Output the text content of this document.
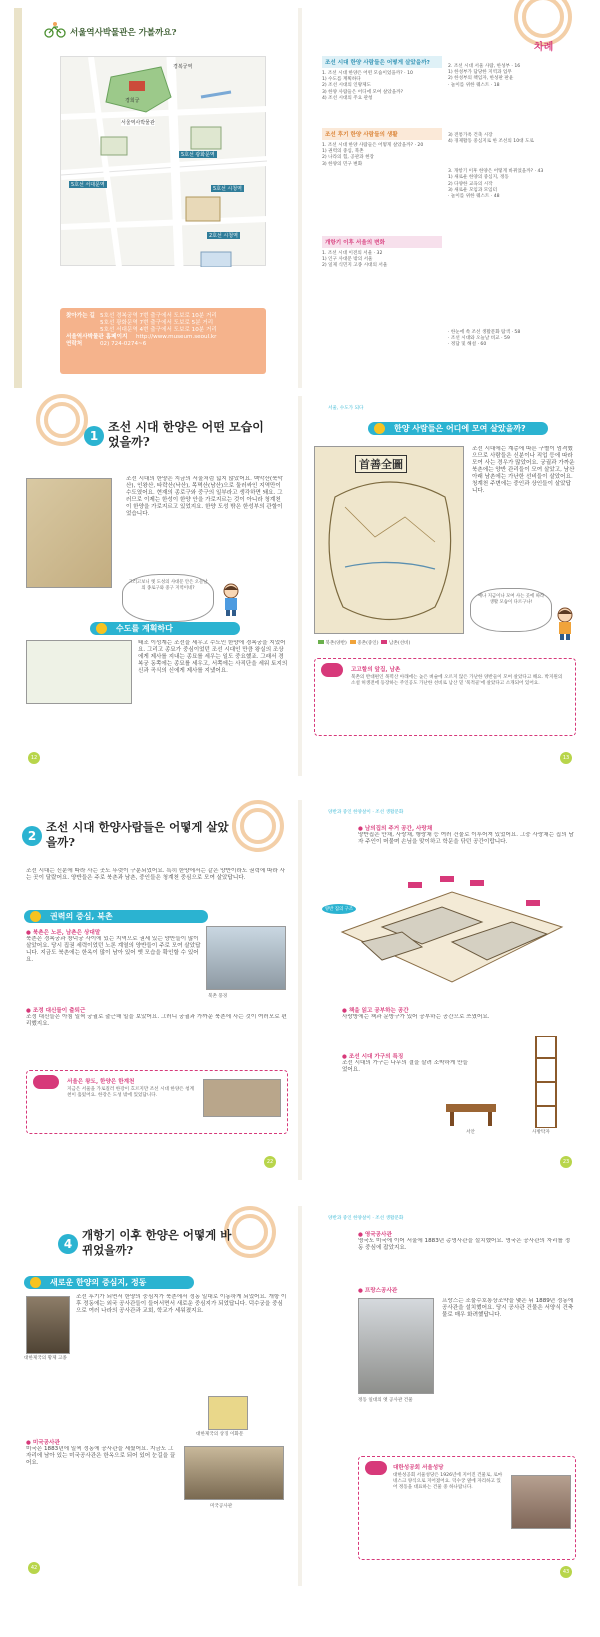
서울역사박물관은 가볼까요?
서울역사박물관
경희궁
5호선 서대문역
5호선 광화문역
5호선 시청역
2호선 시청역
경복궁역
찾아가는 길 5호선 경복궁역 7번 출구에서 도보로 10분 거리
5호선 광화문역 7번 출구에서 도보로 5분 거리
5호선 서대문역 4번 출구에서 도보로 10분 거리
서울역사박물관 홈페이지 http://www.museum.seoul.kr
연락처	02) 724-0274~6
차례
조선 시대 한양 사람들은 어떻게 살았을까?
1. 조선 시대 한양은 어떤 모습이었을까? · 10
1) 수도를 계획하다
2) 조선 시대의 인왕제도
3) 한양 사람들은 어디에 모여 살았을까?
4) 조선 시대의 주요 관청
조선 후기 한양 사람들의 생활
1. 조선 시대 한양 사람들은 어떻게 살았을까? · 20
1) 권력의 중심, 북촌
2) 나라의 힘, 공관과 현장
3) 한양의 민구 변화
개항기 이후 서울의 변화
1. 조선 시대 이전의 서울 · 32
1) 인구 사대문 밖의 서울
2) 일제 식민지 고종 시대의 서울
2. 조선 시대 서울 사람, 한성부 · 16
1) 한성부가 담당한 지역과 업무
2) 한성부의 책임자, 한성판 판윤
· 놀이를 위한 퀘스트 · 18
3) 전통가옥 건축 시장
4) 경제활동 중심지로 한 조선의 10대 도로
3. 개항기 이후 한양은 어떻게 바뀌었을까? · 43
1) 새로운 한양의 중심지, 정동
2) 다양한 교육의 시작
3) 새로운 모임과 모임터
· 놀이를 위한 퀘스트 · 48
· 한눈에 쏙 조선 생활문화 탐색 · 58
· 조선 시대와 오늘날 비교 · 59
· 정답 및 해설 · 60
1
조선 시대 한양은 어떤 모습이었을까?
조선 시대의 한양은 지금의 서울처럼 넓지 않았어요. 백악산(북악산), 인왕산, 타락산(낙산), 목멱산(남산)으로 둘러싸인 지역만이 수도였어요. 현재의 종로구와 중구의 일부라고 생각하면 돼요. 그러므로 이제는 한성이 한양 안을 가로지르는 것이 아니라 청계천이 한양을 가로지르고 있었지요. 한양 도성 밖은 한성부의 관할이었습니다.
그러고보니 옛 도성의 사대문 안은 오늘날의 종로구와 중구 지역이네?
수도를 계획하다
태조 이성계는 조선을 세우고 수도인 한양에 경복궁을 지었어요. 그리고 종묘가 중심이었던 조선 시대인 만큼 왕실의 조상에게 제사를 지내는 종묘를 세우는 일도 중요했죠. 그래서 경복궁 동쪽에는 종묘를 세우고, 서쪽에는 사직단을 세워 토지의 신과 곡식의 신에게 제사를 지냈어요.
12
서울, 수도가 되다
한양 사람들은 어디에 모여 살았을까?
首善全圖
북촌(양반) 중촌(중인) 남촌(선비)
조선 시대에는 계층에 따른 구별이 엄격했으므로 사람들은 신분이나 직업 등에 따라 모여 사는 경우가 많았어요. 궁궐과 가까운 북촌에는 양반 관리들이 모여 살았고, 남산 아래 남촌에는 가난한 선비들이 살았어요. 청계천 주변에는 중인과 상인들이 살았답니다.
예나 지금이나 모여 사는 곳에 따라 생활 모습이 다르구나!
고고할의 앞집, 남촌
북촌의 반대편인 목멱산 아래에는 높은 벼슬에 오르지 않은 가난한 양반들이 모여 살았다고 해요. 박지원의 소설 허생전에 등장하는 주인공도 가난한 선비로 남산 밑 '묵적골'에 살았다고 소개되어 있어요.
13
2
조선 시대 한양사람들은 어떻게 살았을까?
조선 시대는 신분에 따라 사는 곳도 뚜렷이 구분되었어요. 특히 한양에서는 같은 양반이라도 권력에 따라 사는 곳이 달랐어요. 양반들은 주로 북촌과 남촌, 중인들은 청계천 중심으로 모여 살았답니다.
권력의 중심, 북촌
● 북촌은 노론, 남촌은 상대말
북촌은 경복궁과 창덕궁 사이에 있는 지역으로 권세 있는 양반들이 많이 살았어요. 당시 집권 세력이었던 노론 계열의 양반들이 주로 모여 살았답니다. 지금도 북촌에는 한옥이 많이 남아 있어 옛 모습을 확인할 수 있어요.
북촌 풍경
● 조정 대신들이 출퇴근
조정 대신들은 아침 일찍 궁궐로 출근해 일을 보았어요. 그러니 궁궐과 가까운 북촌에 사는 것이 여러모로 편리했지요.
서울은 왕도, 한양은 한계천
지금은 서울을 가로질러 한강이 흐르지만 조선 시대 한양은 청계천이 흘렀어요. 한강은 도성 밖에 있었답니다.
22
양반과 중인 한양살이 · 조선 생활문화
● 남의집의 주거 공간, 사랑채
양반집은 안채, 사랑채, 행랑채 등 여러 건물로 이루어져 있었어요. 그중 사랑채는 집의 남자 주인이 머물며 손님을 맞이하고 학문을 닦던 공간이랍니다.
양반 집의 구조
● 책을 읽고 공부하는 공간
사랑방에는 책과 문방구가 있어 공부하는 공간으로 쓰였어요.
● 조선 시대 가구의 특징
조선 시대의 가구는 나무의 결을 살려 소박하게 만들었어요.
서안	사방탁자
23
4
개항기 이후 한양은 어떻게 바뀌었을까?
새로운 한양의 중심지, 정동
대한제국의 황제 고종
조선 후기가 되면서 한양의 중심지가 북촌에서 정동 일대로 이동하게 되었어요. 개항 이후 정동에는 외국 공사관들이 들어서면서 새로운 중심지가 되었답니다. 덕수궁을 중심으로 여러 나라의 공사관과 교회, 학교가 세워졌지요.
대한제국의 상징 이화문
● 미국공사관
미국은 1883년에 일찍 정동에 공사관을 세웠어요. 지금도 그 자리에 남아 있는 미국공사관은 한옥으로 되어 있어 눈길을 끌어요.
미국공사관
42
양반과 중인 한양살이 · 조선 생활문화
● 영국공사관
영국도 미국에 이어 서울에 1883년 총영사관을 설치했어요. 영국은 공사관의 자리를 정동 중심에 잡았지요.
● 프랑스공사관
정동 일대의 옛 공사관 건물
프랑스는 조불수호통상조약을 맺은 뒤 1889년 정동에 공사관을 설치했어요. 당시 공사관 건물은 서양식 건축물로 매우 화려했답니다.
대한성공회 서울성당
대한성공회 서울성당은 1926년에 지어진 건물로, 로마네스크 양식으로 지어졌어요. 덕수궁 옆에 자리하고 있어 정동을 대표하는 건물 중 하나랍니다.
43
